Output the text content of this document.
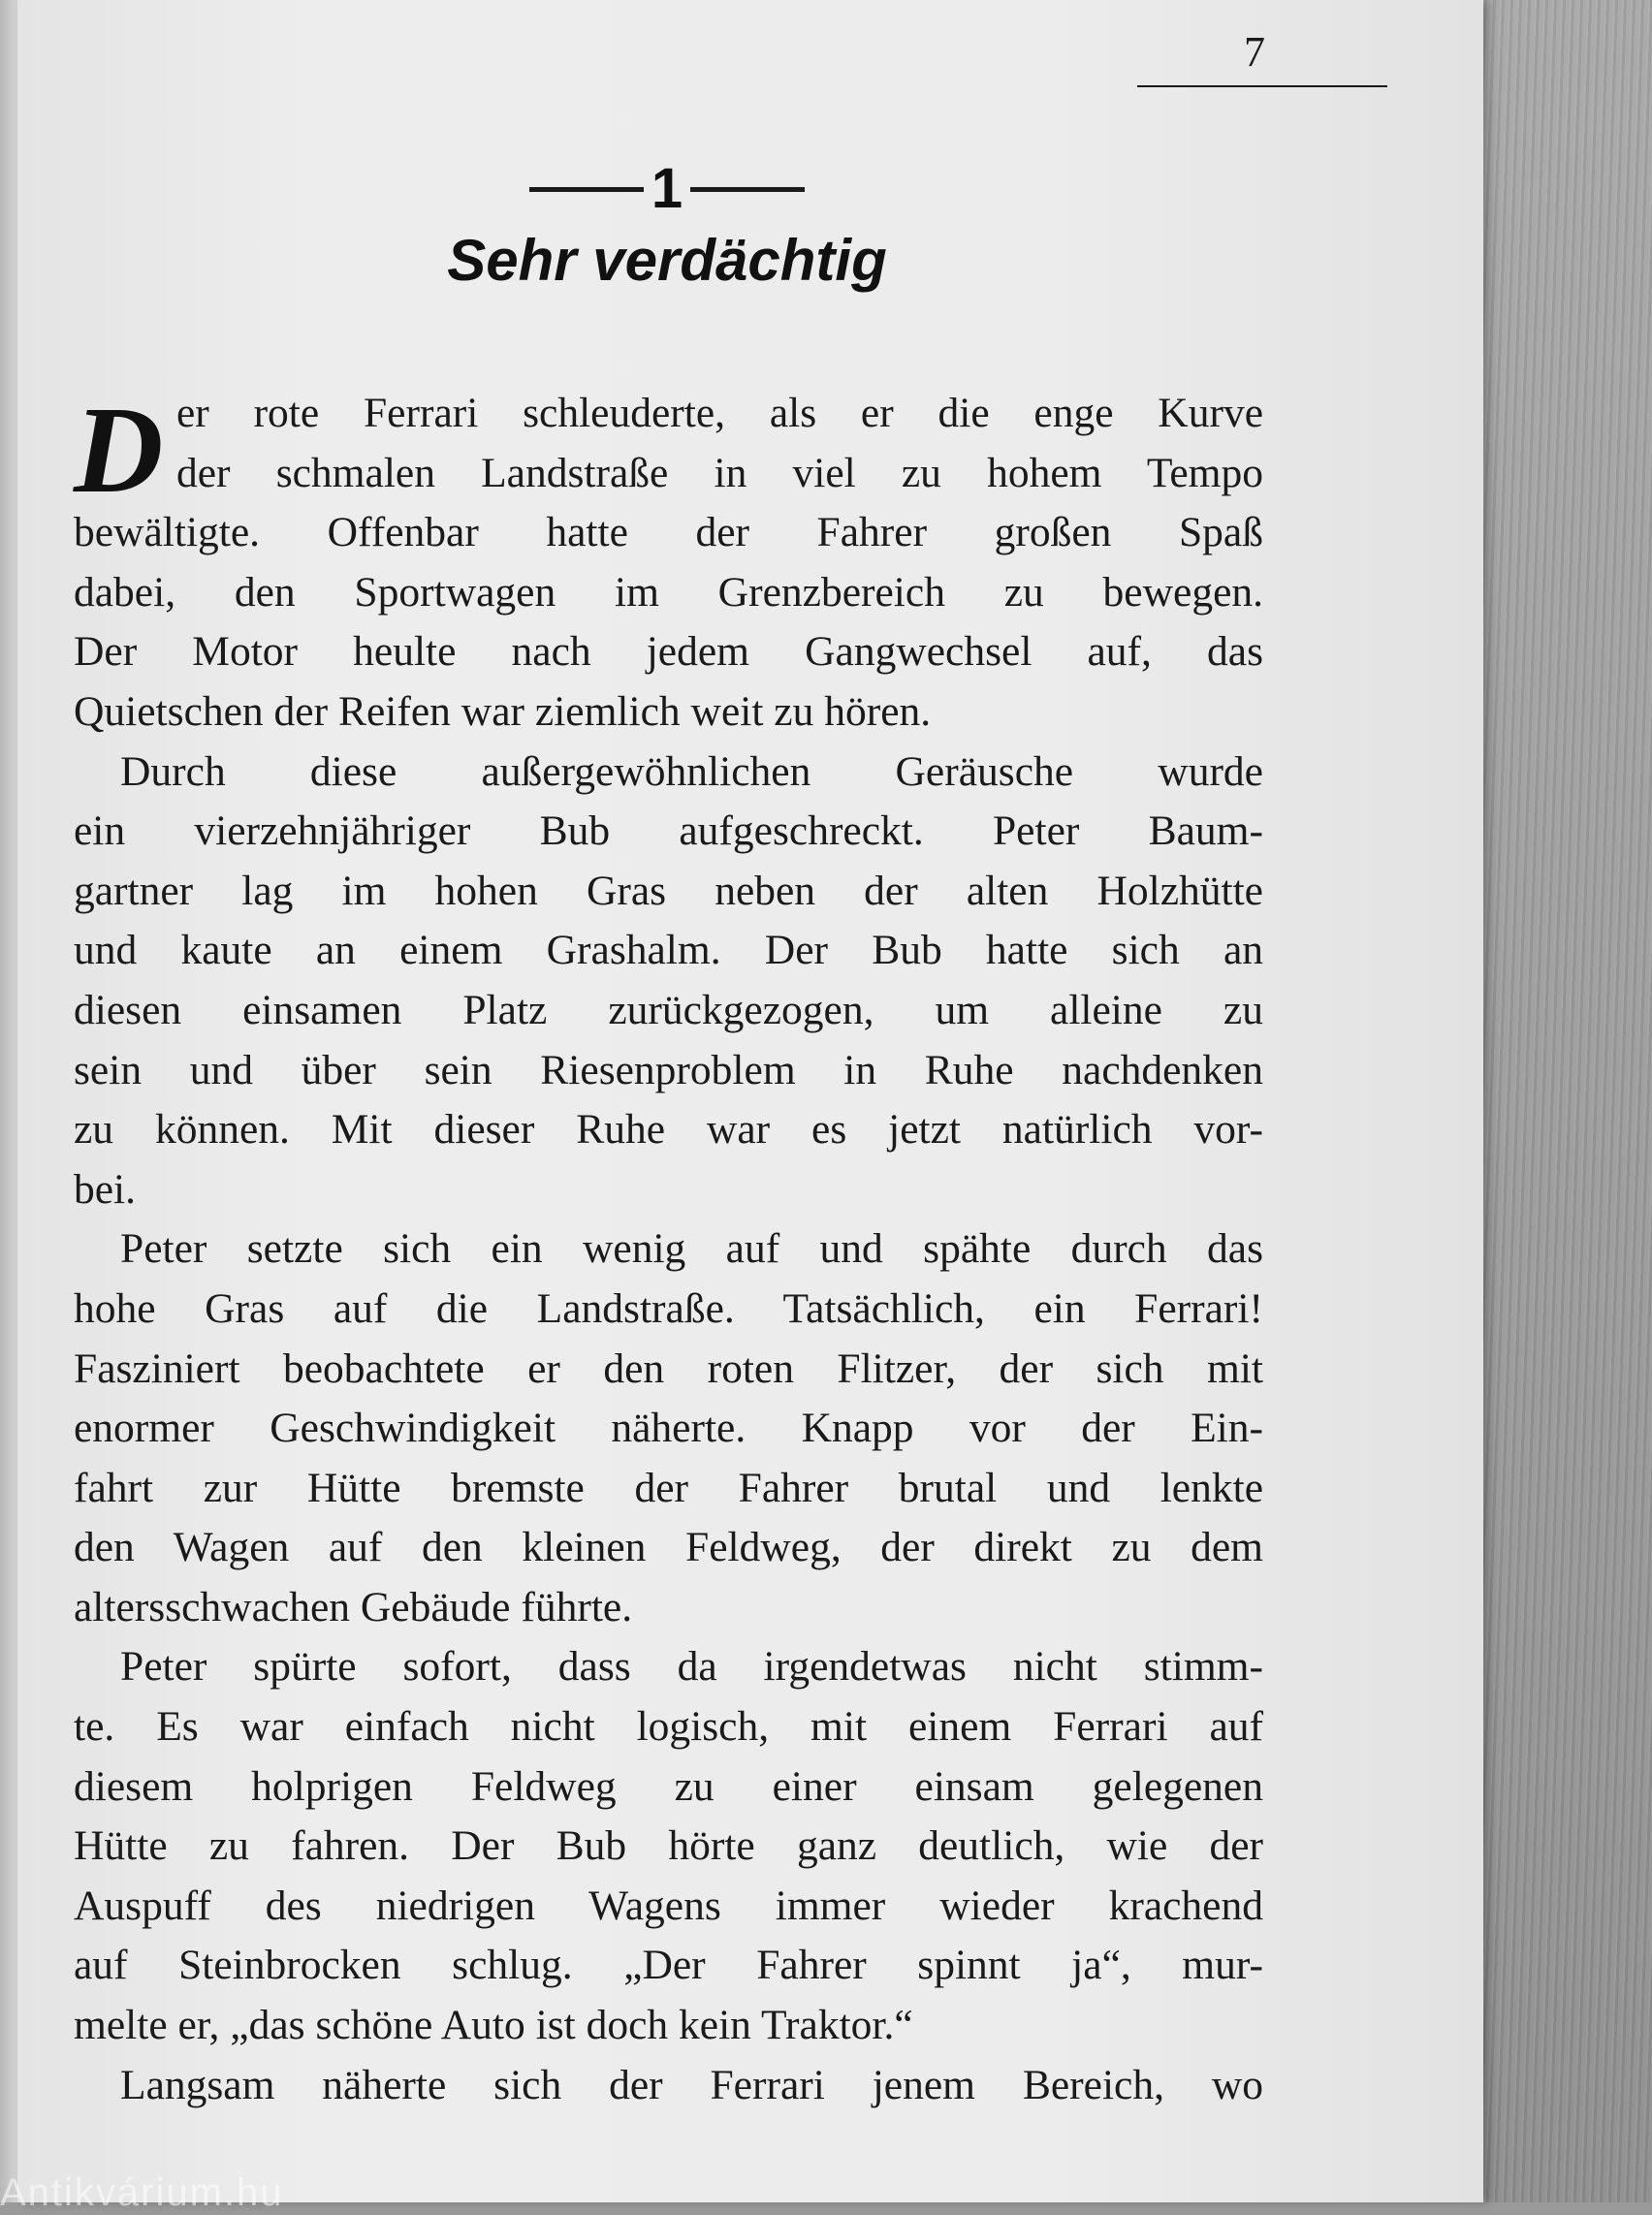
7
1
Sehr verdächtig
D er rote Ferrari schleuderte, als er die enge Kurve
der schmalen Landstraße in viel zu hohem Tempo
bewältigte. Offenbar hatte der Fahrer großen Spaß
dabei, den Sportwagen im Grenzbereich zu bewegen.
Der Motor heulte nach jedem Gangwechsel auf, das
Quietschen der Reifen war ziemlich weit zu hören.
Durch diese außergewöhnlichen Geräusche wurde
ein vierzehnjähriger Bub aufgeschreckt. Peter Baum-
gartner lag im hohen Gras neben der alten Holzhütte
und kaute an einem Grashalm. Der Bub hatte sich an
diesen einsamen Platz zurückgezogen, um alleine zu
sein und über sein Riesenproblem in Ruhe nachdenken
zu können. Mit dieser Ruhe war es jetzt natürlich vor-
bei.
Peter setzte sich ein wenig auf und spähte durch das
hohe Gras auf die Landstraße. Tatsächlich, ein Ferrari!
Fasziniert beobachtete er den roten Flitzer, der sich mit
enormer Geschwindigkeit näherte. Knapp vor der Ein-
fahrt zur Hütte bremste der Fahrer brutal und lenkte
den Wagen auf den kleinen Feldweg, der direkt zu dem
altersschwachen Gebäude führte.
Peter spürte sofort, dass da irgendetwas nicht stimm-
te. Es war einfach nicht logisch, mit einem Ferrari auf
diesem holprigen Feldweg zu einer einsam gelegenen
Hütte zu fahren. Der Bub hörte ganz deutlich, wie der
Auspuff des niedrigen Wagens immer wieder krachend
auf Steinbrocken schlug. „Der Fahrer spinnt ja“, mur-
melte er, „das schöne Auto ist doch kein Traktor.“
Langsam näherte sich der Ferrari jenem Bereich, wo
Antikvárium.hu
